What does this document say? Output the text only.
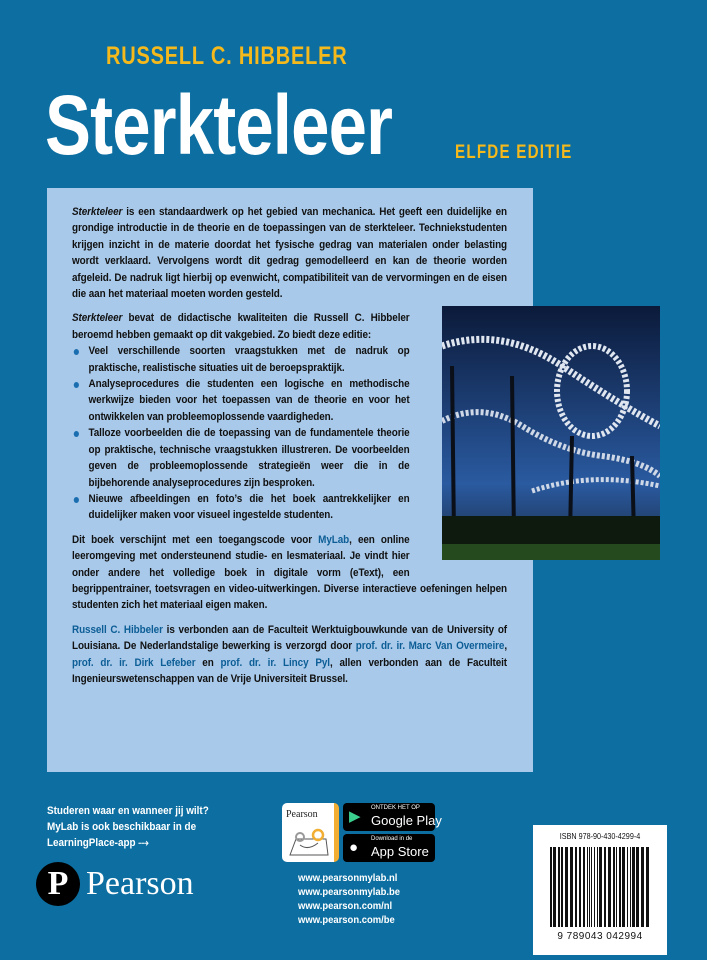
RUSSELL C. HIBBELER
Sterkteleer	ELFDE EDITIE

Sterkteleer is een standaardwerk op het gebied van mechanica. Het geeft een duidelijke en grondige introductie in de theorie en de toepassingen van de sterkteleer. Techniekstudenten krijgen inzicht in de materie doordat het fysische gedrag van materialen onder belasting wordt verklaard. Vervolgens wordt dit gedrag gemodelleerd en kan de theorie worden afgeleid. De nadruk ligt hierbij op evenwicht, compatibiliteit van de vervormingen en de eisen die aan het materiaal moeten worden gesteld.

Sterkteleer bevat de didactische kwaliteiten die Russell C. Hibbeler beroemd hebben gemaakt op dit vakgebied. Zo biedt deze editie:

Veel verschillende soorten vraagstukken met de nadruk op praktische, realistische situaties uit de beroepspraktijk.
Analyseprocedures die studenten een logische en methodische werkwijze bieden voor het toepassen van de theorie en voor het ontwikkelen van probleemoplossende vaardigheden.
Talloze voorbeelden die de toepassing van de fundamentele theorie op praktische, technische vraagstukken illustreren. De voorbeelden geven de probleemoplossende strategieën weer die in de bijbehorende analyseprocedures zijn besproken.
Nieuwe afbeeldingen en foto’s die het boek aantrekkelijker en duidelijker maken voor visueel ingestelde studenten.

Dit boek verschijnt met een toegangscode voor MyLab, een online leeromgeving met ondersteunend studie- en lesmateriaal. Je vindt hier onder andere het volledige boek in digitale vorm (eText), een begrippentrainer, toetsvragen en video-uitwerkingen. Diverse interactieve oefeningen helpen studenten zich het materiaal eigen maken.

Russell C. Hibbeler is verbonden aan de Faculteit Werktuigbouwkunde van de University of Louisiana. De Nederlandstalige bewerking is verzorgd door prof. dr. ir. Marc Van Overmeire, prof. dr. ir. Dirk Lefeber en prof. dr. ir. Lincy Pyl, allen verbonden aan de Faculteit Ingenieurswetenschappen van de Vrije Universiteit Brussel.

Studeren waar en wanneer jij wilt?
MyLab is ook beschikbaar in de
LearningPlace-app ⤏
P Pearson
Pearson ▶ ONTDEK HET OP
Google Play
● Download in de
App Store
www.pearsonmylab.nl
www.pearsonmylab.be
www.pearson.com/nl
www.pearson.com/be
ISBN 978-90-430-4299-4
9 789043 042994
